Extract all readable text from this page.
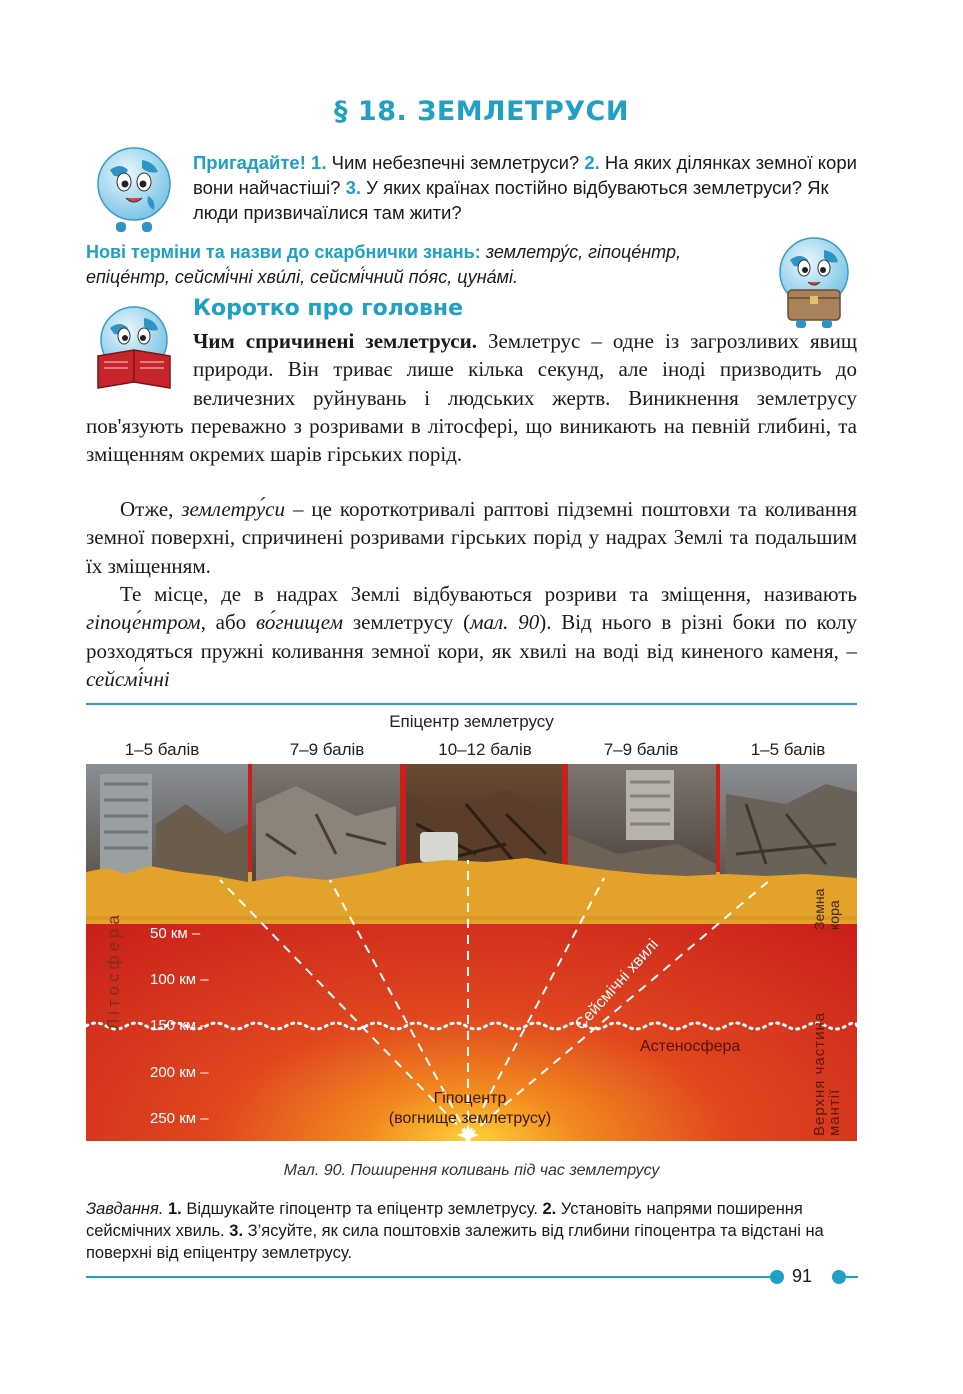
§ 18. ЗЕМЛЕТРУСИ
Пригадайте! 1. Чим небезпечні землетруси? 2. На яких ділянках земної кори вони найчастіші? 3. У яких країнах постійно відбуваються землетруси? Як люди призвичаїлися там жити?
Нові терміни та назви до скарбнички знань: землетру́с, гіпоце́нтр, епіце́нтр, сейсмі́чні хви́лі, сейсмі́чний по́яс, цуна́мі.
Коротко про головне
Чим спричинені землетруси. Землетрус – одне із загрозливих явищ природи. Він триває лише кілька секунд, але іноді призводить до величезних руйнувань і людських жертв. Виникнення землетрусу пов'язують переважно з розривами в літосфері, що виникають на певній глибині, та зміщенням окремих шарів гірських порід.
Отже, землетру́си – це короткотривалі раптові підземні поштовхи та коливання земної поверхні, спричинені розривами гірських порід у надрах Землі та подальшим їх зміщенням.
Те місце, де в надрах Землі відбуваються розриви та зміщення, називають гіпоце́нтром, або во́гнищем землетрусу (мал. 90). Від нього в різні боки по колу розходяться пружні коливання земної кори, як хвилі на воді від киненого каменя, – сейсмі́чні
Епіцентр землетрусу
1–5 балів	7–9 балів	10–12 балів	7–9 балів	1–5 балів
50 км –
100 км –
150 км –
200 км –
250 км –
Літосфера
Земна кора
Верхня частина
мантії
Сейсмічні хвилі
Астеносфера
Гіпоцентр
(вогнище землетрусу)
Мал. 90. Поширення коливань під час землетрусу
Завдання. 1. Відшукайте гіпоцентр та епіцентр землетрусу. 2. Установіть напрями поширення сейсмічних хвиль. 3. З’ясуйте, як сила поштовхів залежить від глибини гіпоцентра та відстані на поверхні від епіцентру землетрусу.
91
